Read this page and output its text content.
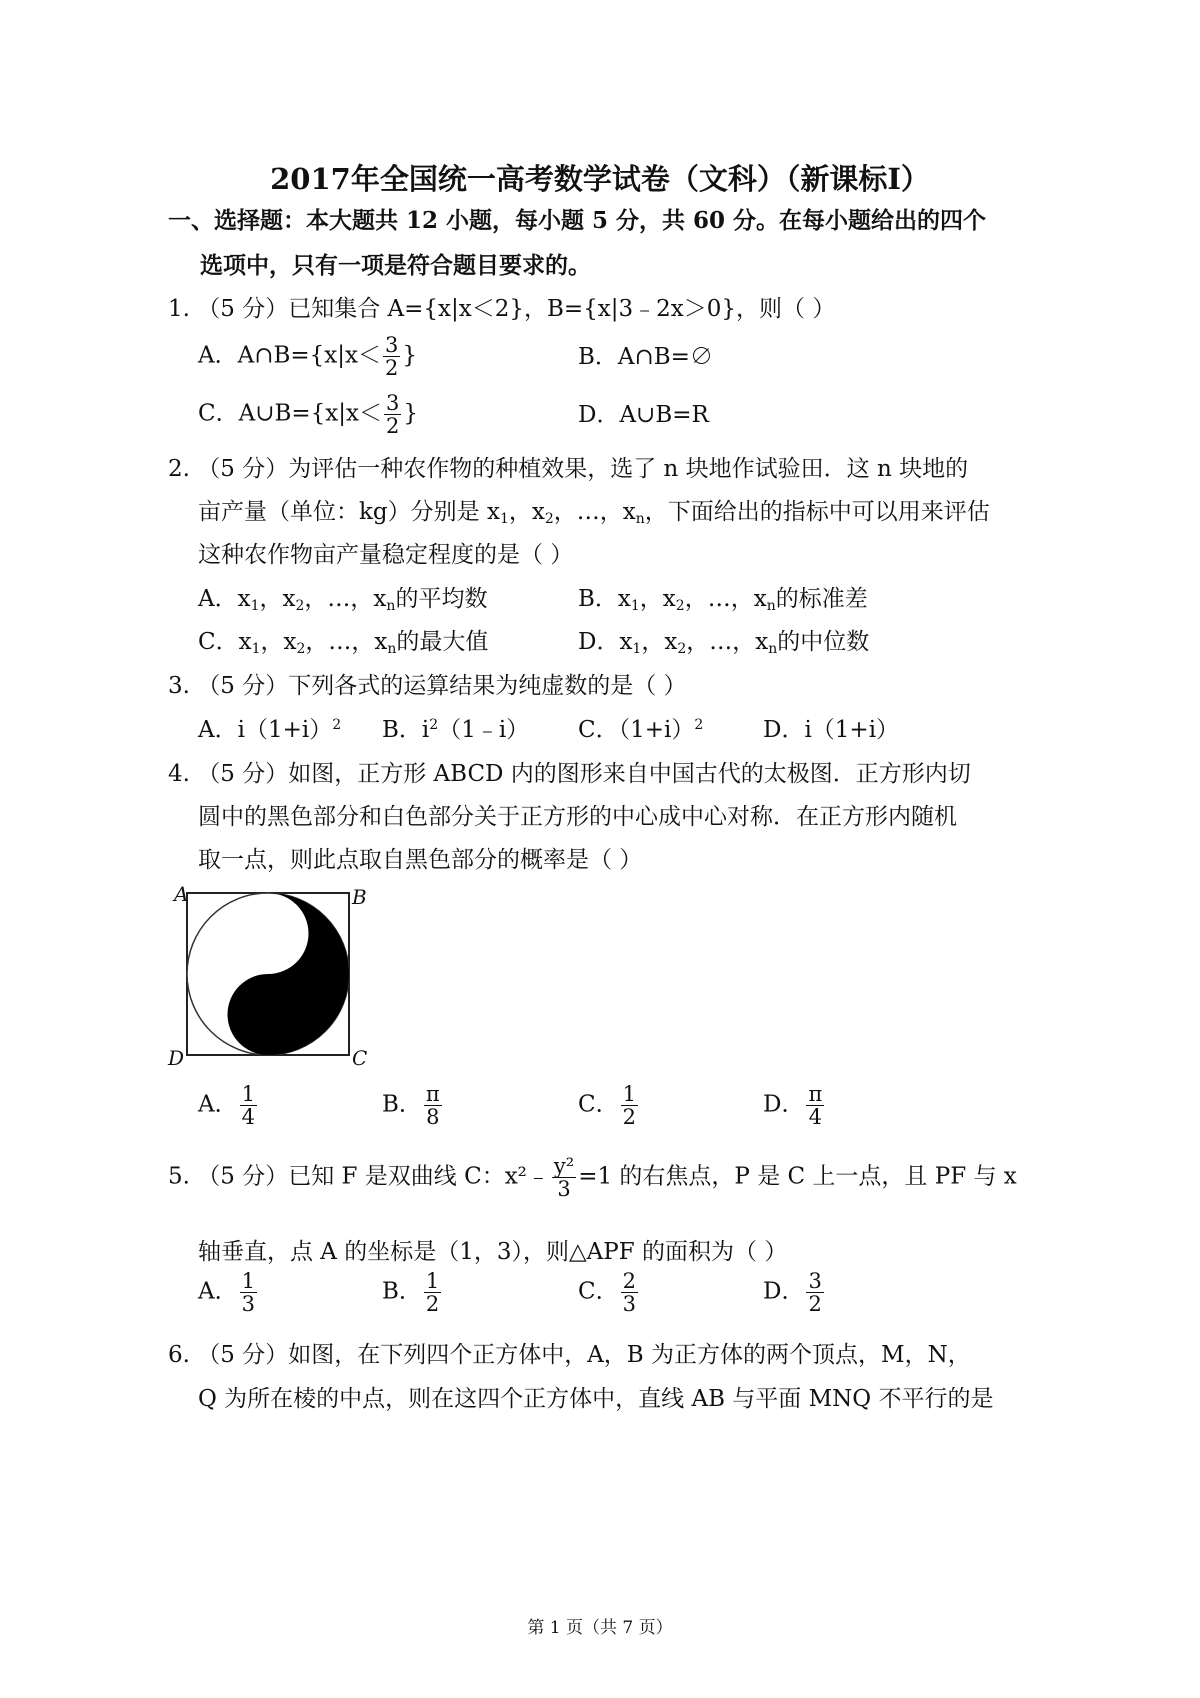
2017年全国统一高考数学试卷（文科）（新课标Ⅰ）
一、选择题：本大题共 12 小题，每小题 5 分，共 60 分。在每小题给出的四个
选项中，只有一项是符合题目要求的。
1. （5 分）已知集合 A={x|x＜2}，B={x|3﹣2x＞0}，则（ ）
A．A∩B={x|x＜ $\frac{3}{2}$ }	B．A∩B=∅
C．A∪B={x|x＜ $\frac{3}{2}$ }	D．A∪B=R
2. （5 分）为评估一种农作物的种植效果，选了 n 块地作试验田．这 n 块地的
亩产量（单位：kg）分别是 $x_1$，$x_2$，…，$x_n$，下面给出的指标中可以用来评估
这种农作物亩产量稳定程度的是（ ）
A．$x_1$，$x_2$，…，$x_n$的平均数	B．$x_1$，$x_2$，…，$x_n$的标准差
C．$x_1$，$x_2$，…，$x_n$的最大值	D．$x_1$，$x_2$，…，$x_n$的中位数
3. （5 分）下列各式的运算结果为纯虚数的是（ ）
A．$i(1+i)^2$ B．$i^2(1﹣i)$ C．$(1+i)^2$	D．i（1+i）
4. （5 分）如图，正方形 ABCD 内的图形来自中国古代的太极图．正方形内切
圆中的黑色部分和白色部分关于正方形的中心成中心对称．在正方形内随机
取一点，则此点取自黑色部分的概率是（ ）
A	B
C
D
A． $\frac{1}{4}$	B． $\frac{\pi}{8}$	C． $\frac{1}{2}$	D． $\frac{\pi}{4}$
5. （5 分）已知 F 是双曲线 C：x²﹣ $\frac{\text{y²}}{3} =1$ 的右焦点，P 是 C 上一点，且 PF 与 x
轴垂直，点 A 的坐标是（1，3），则△APF 的面积为（ ）
A． $\frac{1}{3}$	B． $\frac{1}{2}$	C． $\frac{2}{3}$	D． $\frac{3}{2}$
6. （5 分）如图，在下列四个正方体中，A，B 为正方体的两个顶点，M，N，
Q 为所在棱的中点，则在这四个正方体中，直线 AB 与平面 MNQ 不平行的是
第 1 页（共 7 页）
